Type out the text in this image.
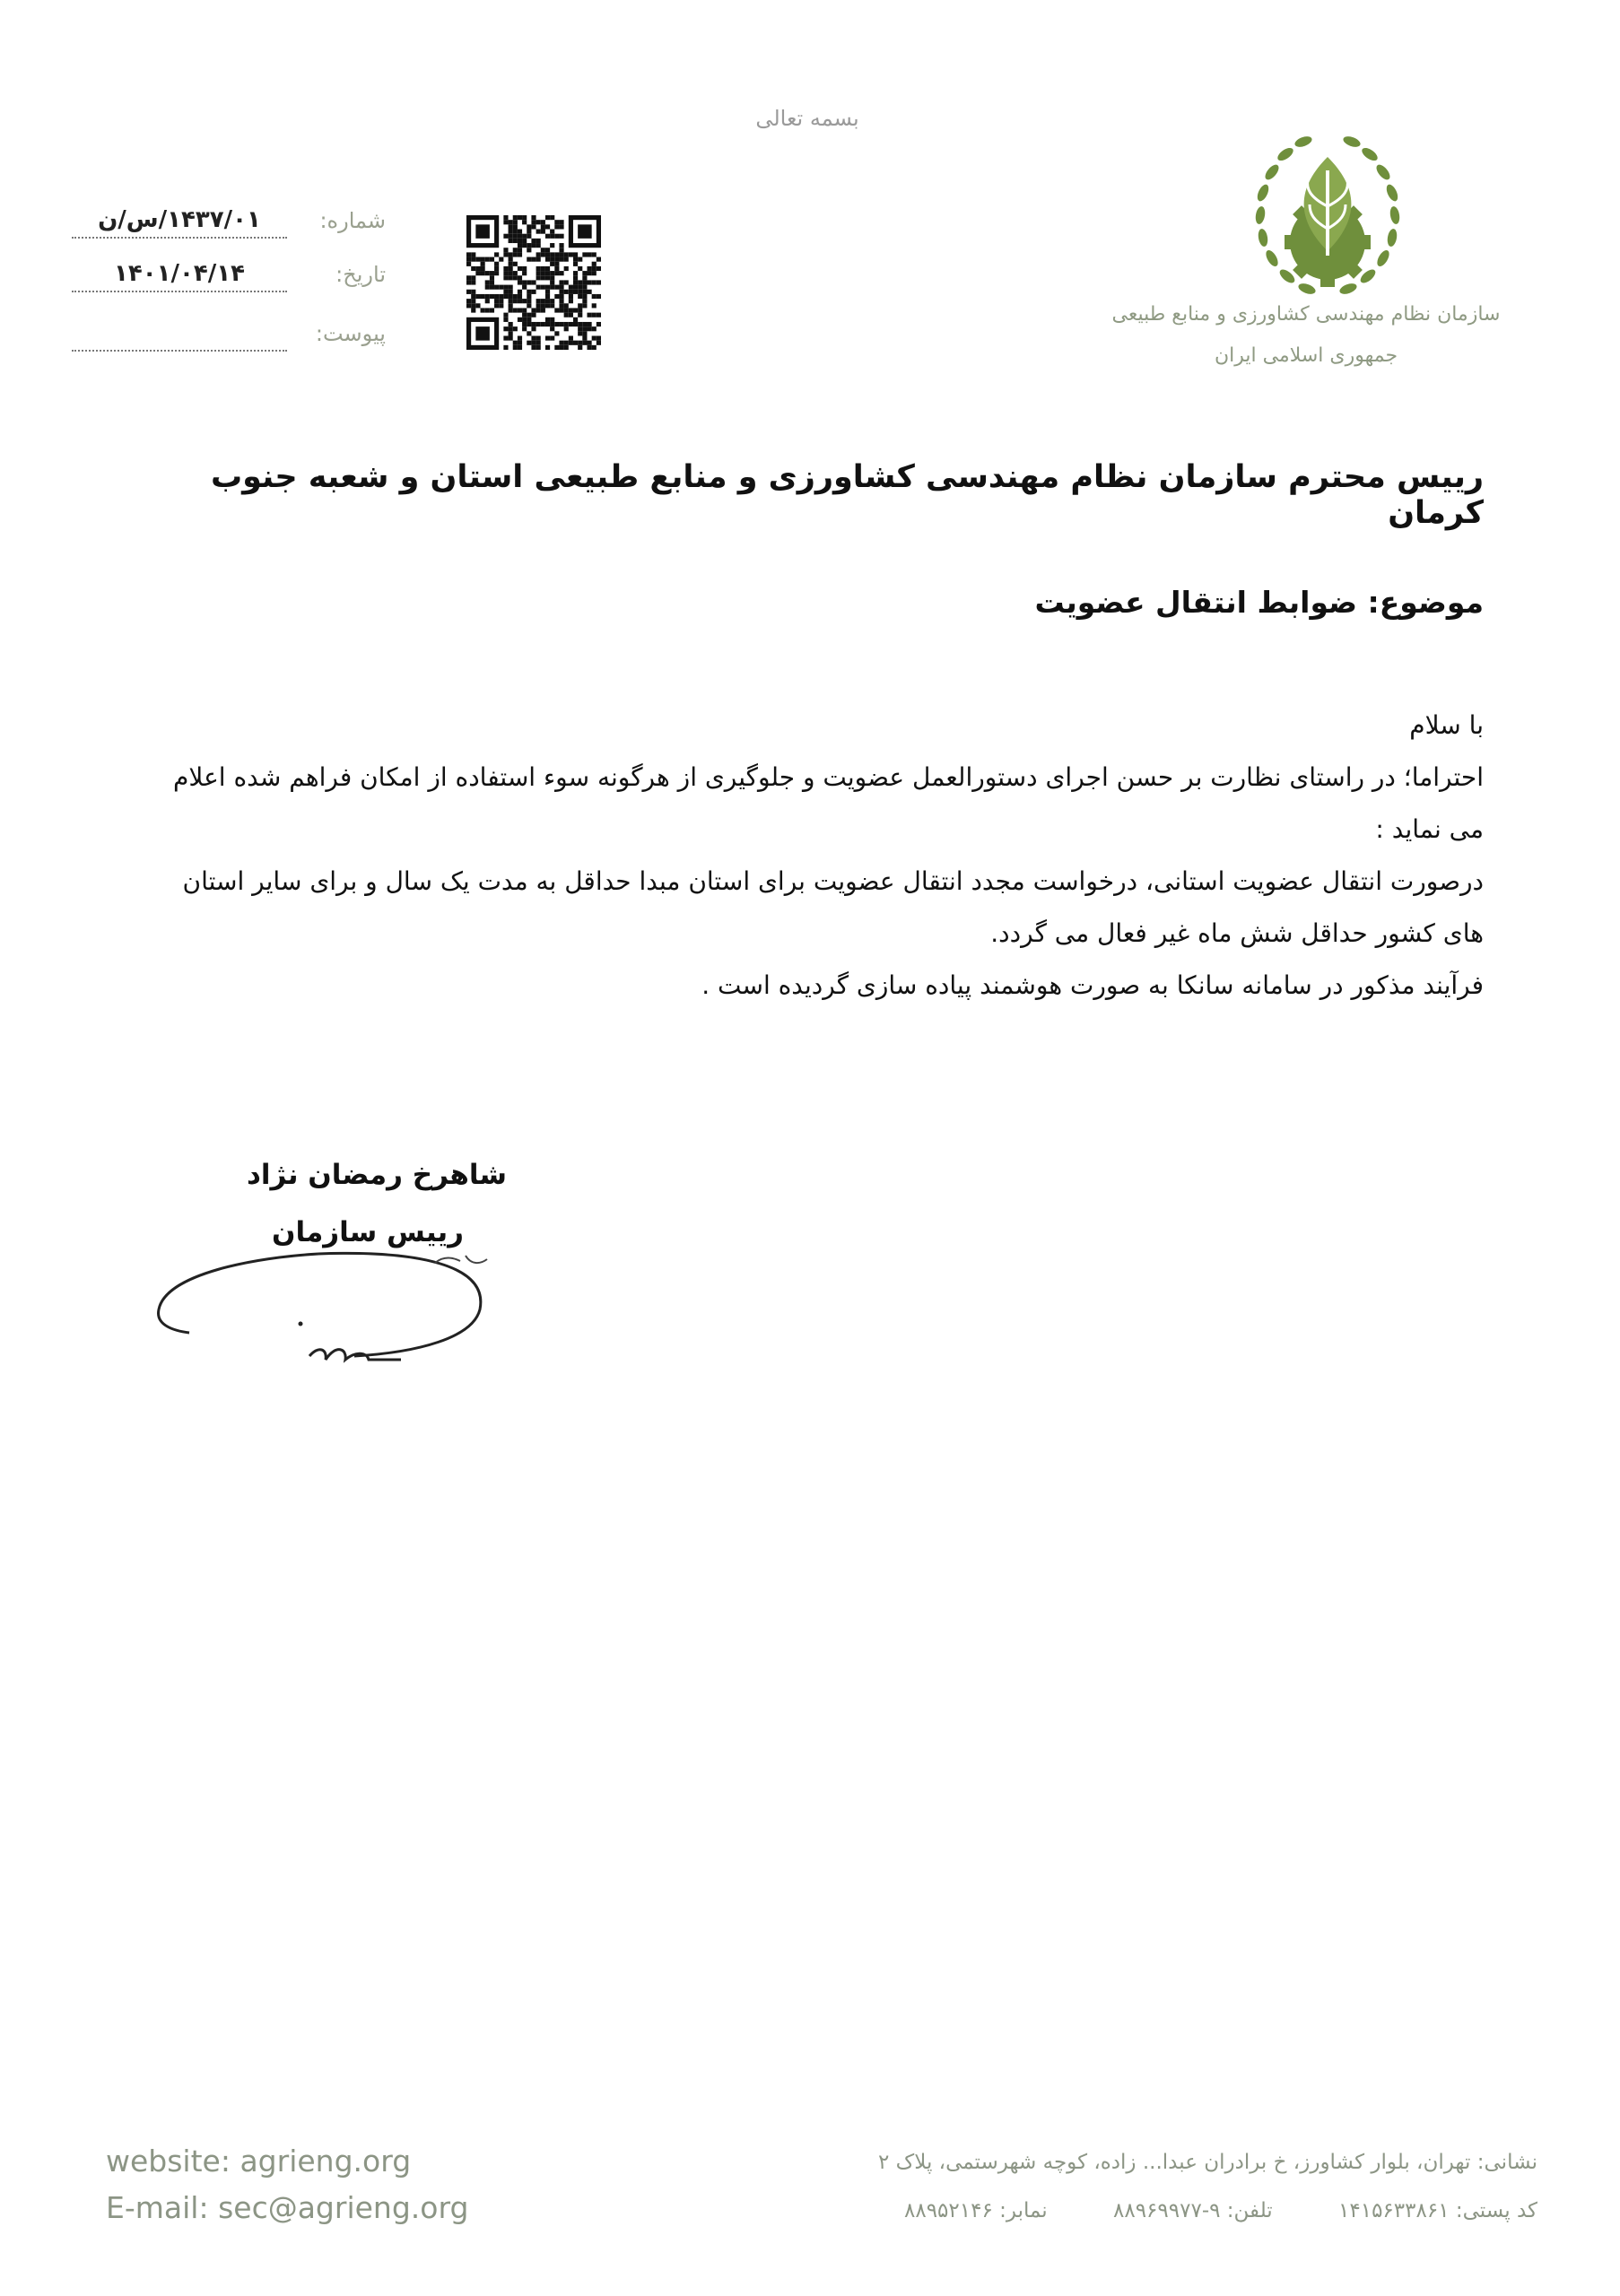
بسمه تعالی
سازمان نظام مهندسی کشاورزی و منابع طبیعی
جمهوری اسلامی ایران
شماره:
۱۴۳۷/۰۱/س/ن
تاریخ:
۱۴۰۱/۰۴/۱۴
پیوست:
رییس محترم سازمان نظام مهندسی کشاورزی و منابع طبیعی استان و شعبه جنوب کرمان
موضوع: ضوابط انتقال عضویت

با سلام

احتراما؛ در راستای نظارت بر حسن اجرای دستورالعمل عضویت و جلوگیری از هرگونه سوء استفاده از امکان فراهم شده اعلام می نماید :

درصورت انتقال عضویت استانی، درخواست مجدد انتقال عضویت برای استان مبدا حداقل به مدت یک سال و برای سایر استان های کشور حداقل شش ماه غیر فعال می گردد.

فرآیند مذکور در سامانه سانکا به صورت هوشمند پیاده سازی گردیده است .

شاهرخ رمضان نژاد
رییس سازمان
website: agrieng.org
E-mail: sec@agrieng.org
نشانی: تهران، بلوار کشاورز، خ برادران عبدا... زاده، کوچه شهرستمی، پلاک ۲
کد پستی: ۱۴۱۵۶۳۳۸۶۱ تلفن: ۹-۸۸۹۶۹۹۷۷ نمابر: ۸۸۹۵۲۱۴۶
